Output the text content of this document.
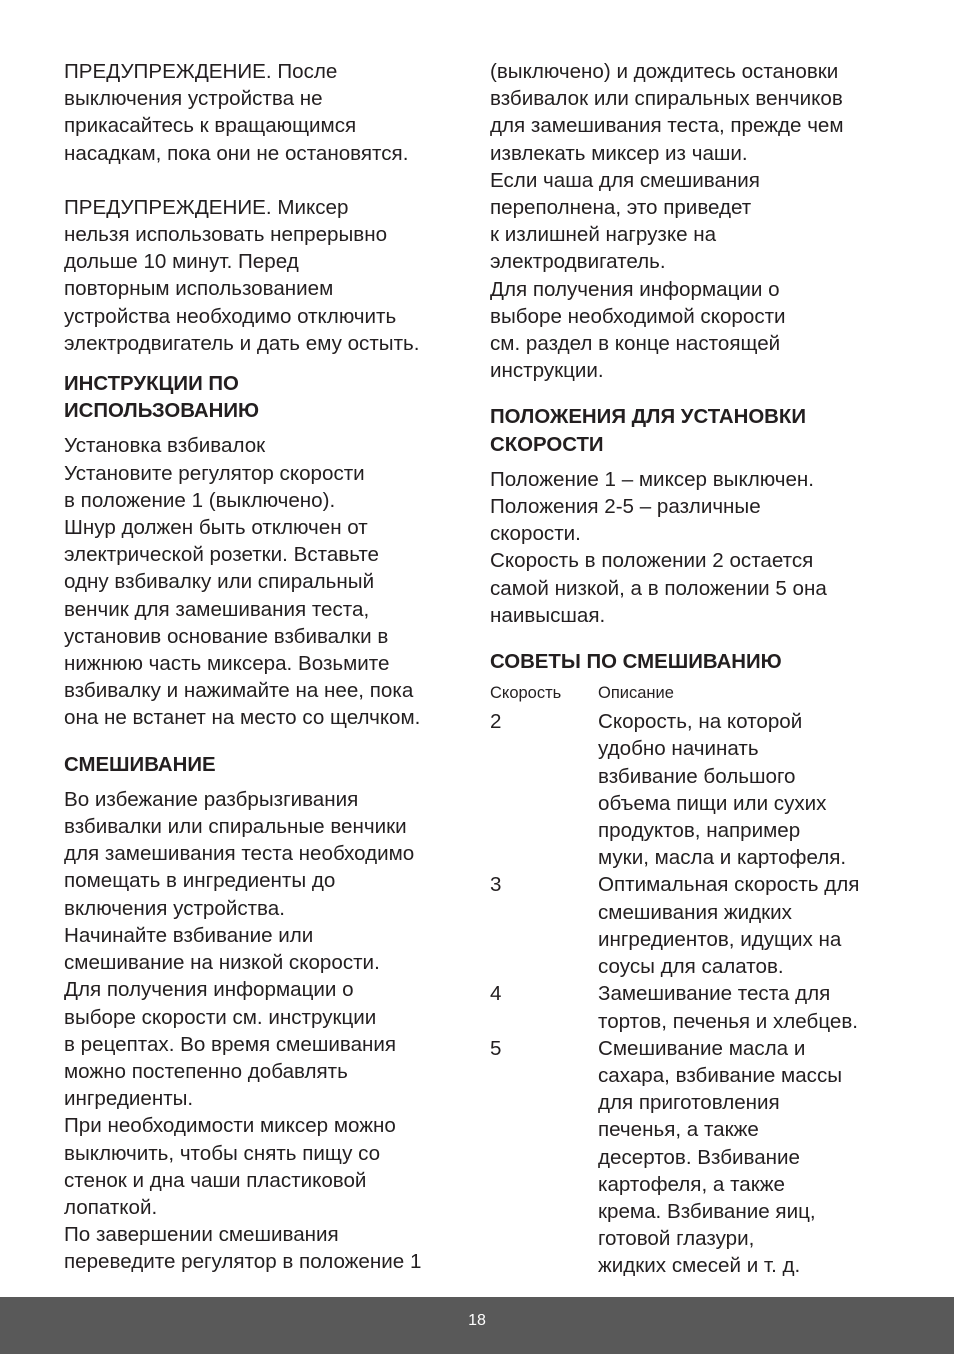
ПРЕДУПРЕЖДЕНИЕ. После
выключения устройства не
прикасайтесь к вращающимся
насадкам, пока они не остановятся.

ПРЕДУПРЕЖДЕНИЕ. Миксер
нельзя использовать непрерывно
дольше 10 минут. Перед
повторным использованием
устройства необходимо отключить
электродвигатель и дать ему остыть.

ИНСТРУКЦИИ ПО
ИСПОЛЬЗОВАНИЮ

Установка взбивалок
Установите регулятор скорости
в положение 1 (выключено).
Шнур должен быть отключен от
электрической розетки. Вставьте
одну взбивалку или спиральный
венчик для замешивания теста,
установив основание взбивалки в
нижнюю часть миксера. Возьмите
взбивалку и нажимайте на нее, пока
она не встанет на место со щелчком.

СМЕШИВАНИЕ

Во избежание разбрызгивания
взбивалки или спиральные венчики
для замешивания теста необходимо
помещать в ингредиенты до
включения устройства.
Начинайте взбивание или
смешивание на низкой скорости.
Для получения информации о
выборе скорости см. инструкции
в рецептах. Во время смешивания
можно постепенно добавлять
ингредиенты.
При необходимости миксер можно
выключить, чтобы снять пищу со
стенок и дна чаши пластиковой
лопаткой.
По завершении смешивания
переведите регулятор в положение 1

(выключено) и дождитесь остановки
взбивалок или спиральных венчиков
для замешивания теста, прежде чем
извлекать миксер из чаши.
Если чаша для смешивания
переполнена, это приведет
к излишней нагрузке на
электродвигатель.
Для получения информации о
выборе необходимой скорости
см. раздел в конце настоящей
инструкции.

ПОЛОЖЕНИЯ ДЛЯ УСТАНОВКИ
СКОРОСТИ

Положение 1 – миксер выключен.
Положения 2-5 – различные
скорости.
Скорость в положении 2 остается
самой низкой, а в положении 5 она
наивысшая.

СОВЕТЫ ПО СМЕШИВАНИЮ
Скорость	Описание
2	Скорость, на которой
удобно начинать
взбивание большого
объема пищи или сухих
продуктов, например
муки, масла и картофеля.
3	Оптимальная скорость для
смешивания жидких
ингредиентов, идущих на
соусы для салатов.
4	Замешивание теста для
тортов, печенья и хлебцев.
5	Смешивание масла и
сахара, взбивание массы
для приготовления
печенья, а также
десертов. Взбивание
картофеля, а также
крема. Взбивание яиц,
готовой глазури,
жидких смесей и т. д.
18
